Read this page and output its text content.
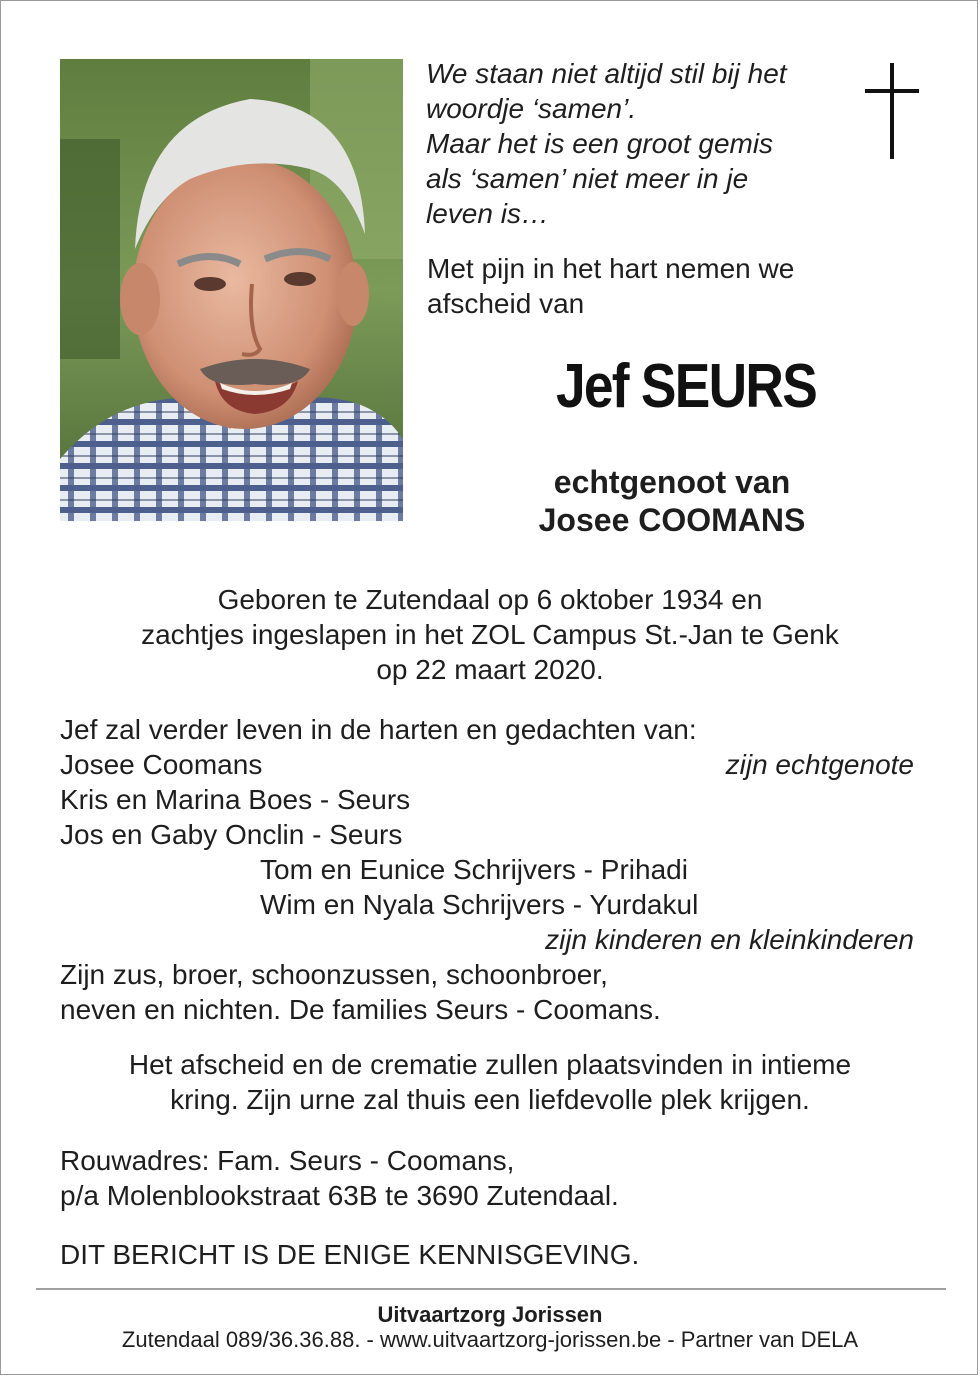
We staan niet altijd stil bij het
woordje ‘samen’.
Maar het is een groot gemis
als ‘samen’ niet meer in je
leven is…

Met pijn in het hart nemen we
afscheid van
Jef SEURS
echtgenoot van
Josee COOMANS
Geboren te Zutendaal op 6 oktober 1934 en
zachtjes ingeslapen in het ZOL Campus St.-Jan te Genk
op 22 maart 2020.
Jef zal verder leven in de harten en gedachten van:
Josee Coomans	zijn echtgenote
Kris en Marina Boes - Seurs
Jos en Gaby Onclin - Seurs
Tom en Eunice Schrijvers - Prihadi
Wim en Nyala Schrijvers - Yurdakul
zijn kinderen en kleinkinderen
Zijn zus, broer, schoonzussen, schoonbroer,
neven en nichten. De families Seurs - Coomans.
Het afscheid en de crematie zullen plaatsvinden in intieme
kring. Zijn urne zal thuis een liefdevolle plek krijgen.
Rouwadres: Fam. Seurs - Coomans,
p/a Molenblookstraat 63B te 3690 Zutendaal.
DIT BERICHT IS DE ENIGE KENNISGEVING.
Uitvaartzorg Jorissen
Zutendaal 089/36.36.88. - www.uitvaartzorg-jorissen.be - Partner van DELA
